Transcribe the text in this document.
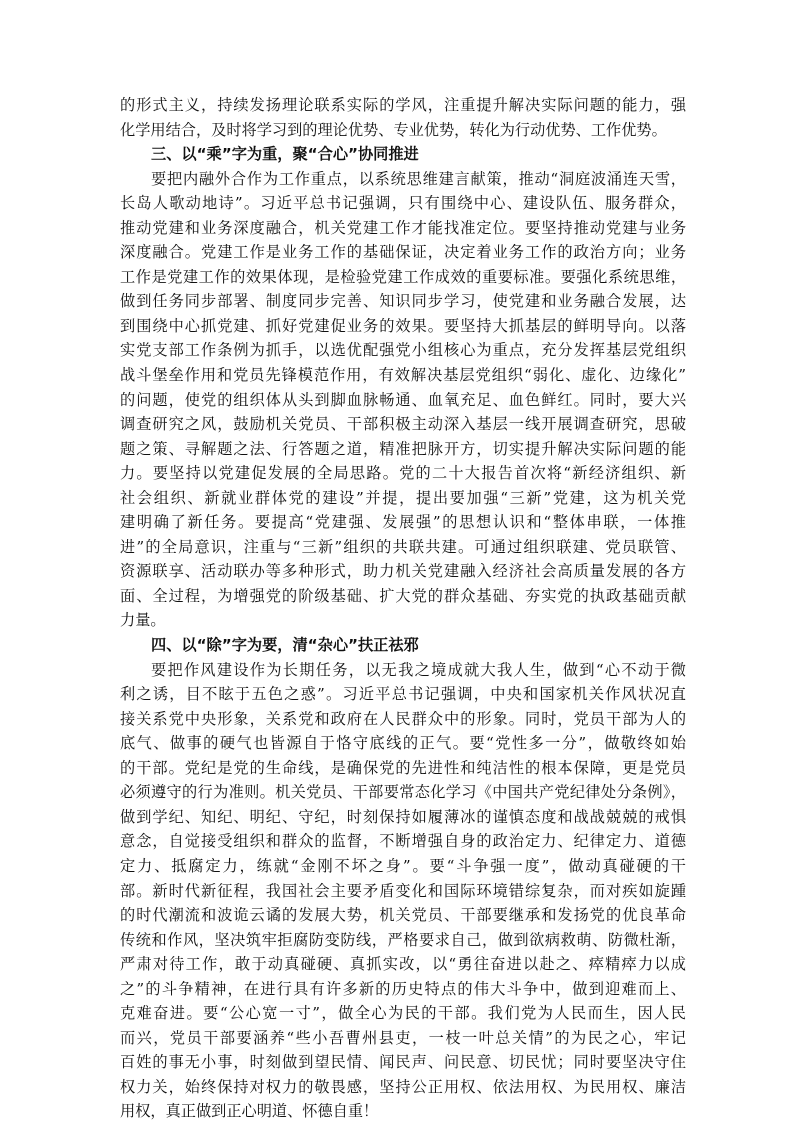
的形式主义，持续发扬理论联系实际的学风，注重提升解决实际问题的能力，强
化学用结合，及时将学习到的理论优势、专业优势，转化为行动优势、工作优势。
三、以“乘”字为重，聚“合心”协同推进
要把内融外合作为工作重点，以系统思维建言献策，推动“洞庭波涌连天雪，
长岛人歌动地诗”。习近平总书记强调，只有围绕中心、建设队伍、服务群众，
推动党建和业务深度融合，机关党建工作才能找准定位。要坚持推动党建与业务
深度融合。党建工作是业务工作的基础保证，决定着业务工作的政治方向；业务
工作是党建工作的效果体现，是检验党建工作成效的重要标准。要强化系统思维，
做到任务同步部署、制度同步完善、知识同步学习，使党建和业务融合发展，达
到围绕中心抓党建、抓好党建促业务的效果。要坚持大抓基层的鲜明导向。以落
实党支部工作条例为抓手，以选优配强党小组核心为重点，充分发挥基层党组织
战斗堡垒作用和党员先锋模范作用，有效解决基层党组织“弱化、虚化、边缘化”
的问题，使党的组织体从头到脚血脉畅通、血氧充足、血色鲜红。同时，要大兴
调查研究之风，鼓励机关党员、干部积极主动深入基层一线开展调查研究，思破
题之策、寻解题之法、行答题之道，精准把脉开方，切实提升解决实际问题的能
力。要坚持以党建促发展的全局思路。党的二十大报告首次将“新经济组织、新
社会组织、新就业群体党的建设”并提，提出要加强“三新”党建，这为机关党
建明确了新任务。要提高“党建强、发展强”的思想认识和“整体串联，一体推
进”的全局意识，注重与“三新”组织的共联共建。可通过组织联建、党员联管、
资源联享、活动联办等多种形式，助力机关党建融入经济社会高质量发展的各方
面、全过程，为增强党的阶级基础、扩大党的群众基础、夯实党的执政基础贡献
力量。
四、以“除”字为要，清“杂心”扶正祛邪
要把作风建设作为长期任务，以无我之境成就大我人生，做到“心不动于微
利之诱，目不眩于五色之惑”。习近平总书记强调，中央和国家机关作风状况直
接关系党中央形象，关系党和政府在人民群众中的形象。同时，党员干部为人的
底气、做事的硬气也皆源自于恪守底线的正气。要“党性多一分”，做敬终如始
的干部。党纪是党的生命线，是确保党的先进性和纯洁性的根本保障，更是党员
必须遵守的行为准则。机关党员、干部要常态化学习《中国共产党纪律处分条例》，
做到学纪、知纪、明纪、守纪，时刻保持如履薄冰的谨慎态度和战战兢兢的戒惧
意念，自觉接受组织和群众的监督，不断增强自身的政治定力、纪律定力、道德
定力、抵腐定力，练就“金刚不坏之身”。要“斗争强一度”，做动真碰硬的干
部。新时代新征程，我国社会主要矛盾变化和国际环境错综复杂，而对疾如旋踵
的时代潮流和波诡云谲的发展大势，机关党员、干部要继承和发扬党的优良革命
传统和作风，坚决筑牢拒腐防变防线，严格要求自己，做到欲病救萌、防微杜渐，
严肃对待工作，敢于动真碰硬、真抓实改，以“勇往奋进以赴之、瘁精瘁力以成
之”的斗争精神，在进行具有许多新的历史特点的伟大斗争中，做到迎难而上、
克难奋进。要“公心宽一寸”，做全心为民的干部。我们党为人民而生，因人民
而兴，党员干部要涵养“些小吾曹州县吏，一枝一叶总关情”的为民之心，牢记
百姓的事无小事，时刻做到望民情、闻民声、问民意、切民忧；同时要坚决守住
权力关，始终保持对权力的敬畏感，坚持公正用权、依法用权、为民用权、廉洁
用权，真正做到正心明道、怀德自重！
